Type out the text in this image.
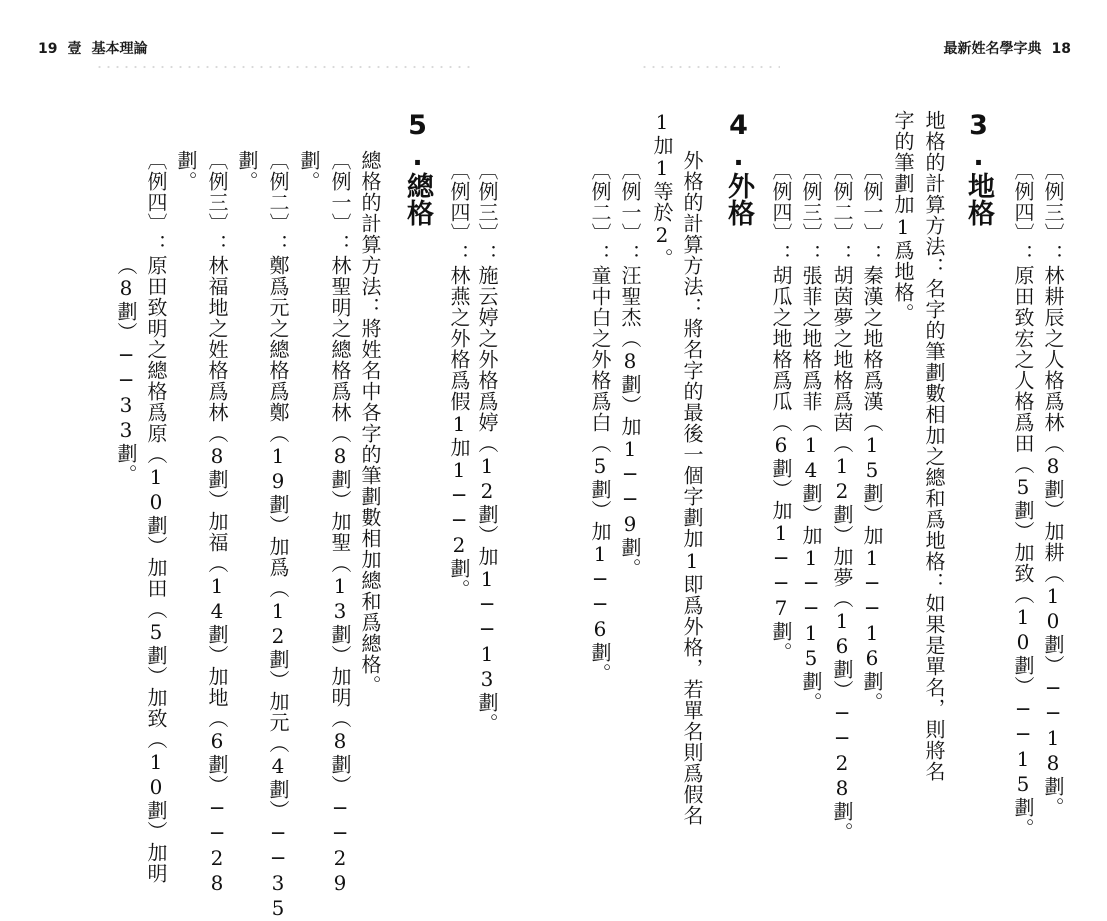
19 壹 基本理論	最新姓名學字典 18
3.地格
4.外格
5.總格	〔例三〕：林耕辰之人格爲林（8劃）加耕（10劃）──18劃。
〔例四〕：原田致宏之人格爲田（5劃）加致（10劃）──15劃。
地格的計算方法：名字的筆劃數相加之總和爲地格：如果是單名，則將名
字的筆劃加1爲地格。
〔例一〕：秦漢之地格爲漢（15劃）加1──16劃。
〔例二〕：胡茵夢之地格爲茵（12劃）加夢（16劃）──28劃。
〔例三〕：張菲之地格爲菲（14劃）加1──15劃。
〔例四〕：胡瓜之地格爲瓜（6劃）加1──7劃。
外格的計算方法：將名字的最後一個字劃加1即爲外格，若單名則爲假名
1加1等於2。
〔例一〕：汪聖杰（8劃）加1──9劃。
〔例二〕：童中白之外格爲白（5劃）加1──6劃。
〔例三〕：施云婷之外格爲婷（12劃）加1──13劃。
〔例四〕：林燕之外格爲假1加1──2劃。
總格的計算方法：將姓名中各字的筆劃數相加總和爲總格。
〔例一〕：林聖明之總格爲林（8劃）加聖（13劃）加明（8劃）──29
劃。
〔例二〕：鄭爲元之總格爲鄭（19劃）加爲（12劃）加元（4劃）──35
劃。
〔例三〕：林福地之姓格爲林（8劃）加福（14劃）加地（6劃）──28
劃。
〔例四〕：原田致明之總格爲原（10劃）加田（5劃）加致（10劃）加明
（8劃）──33劃。
